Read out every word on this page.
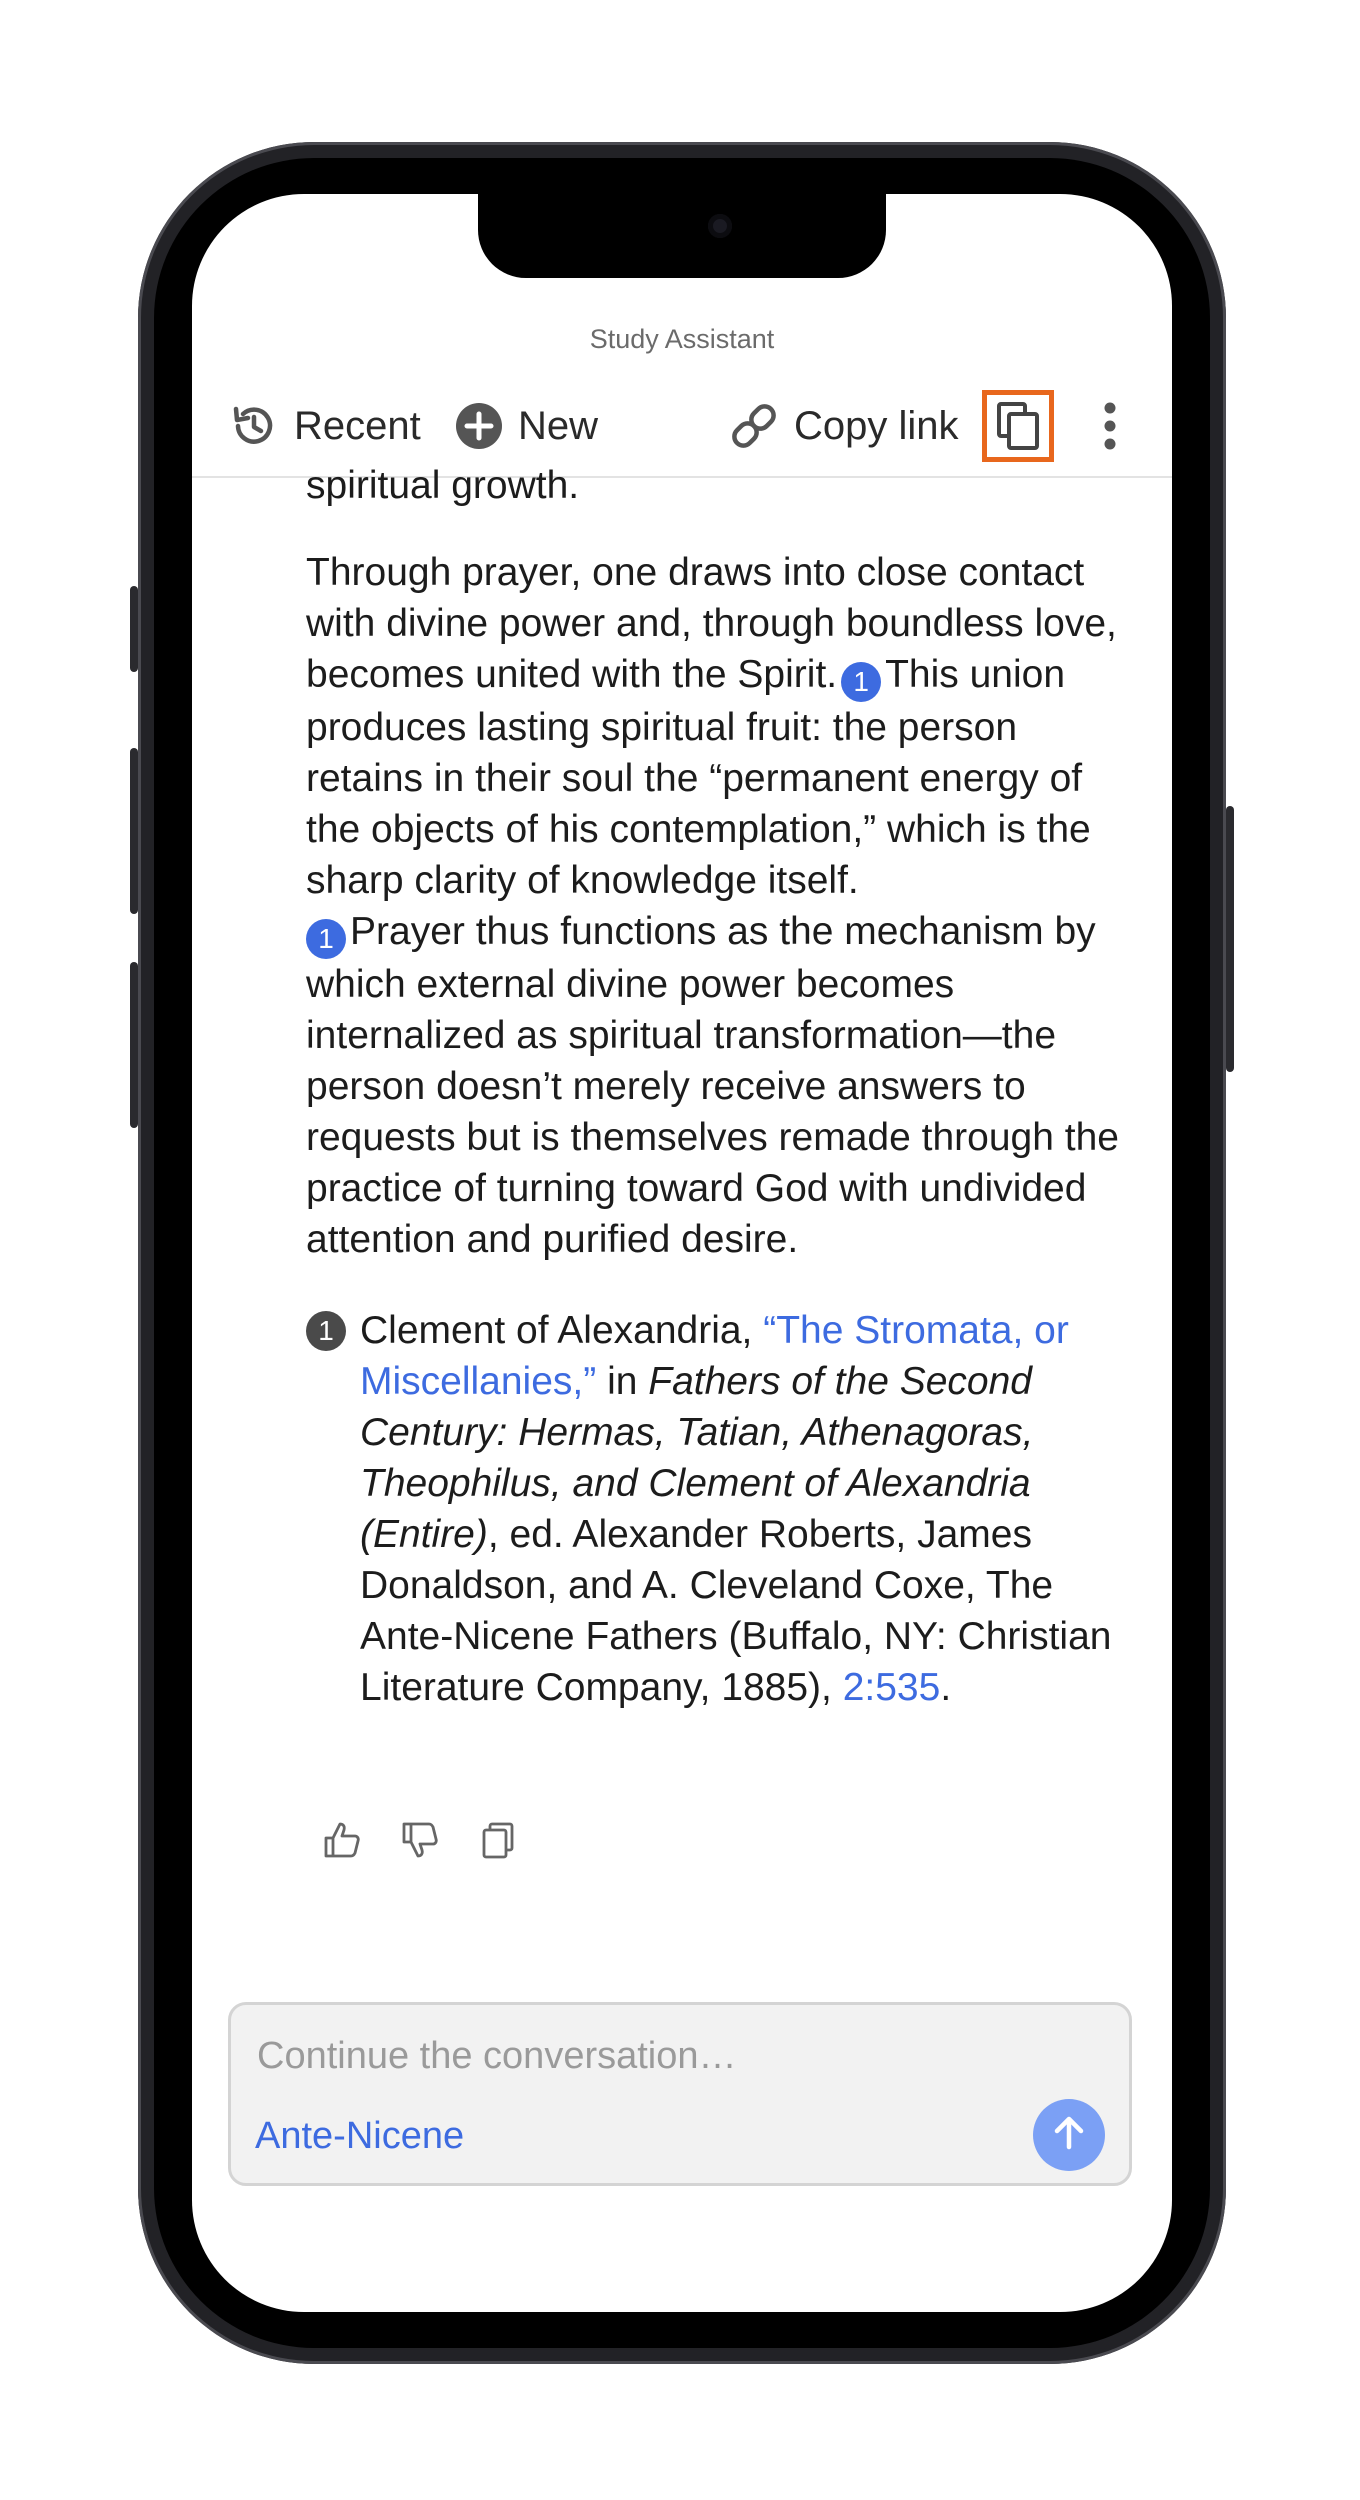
Study Assistant
Recent New	Copy link

spiritual growth.

Through prayer, one draws into close contact with divine power and, through boundless love, becomes united with the Spirit. 1 This union produces lasting spiritual fruit: the person retains in their soul the “permanent energy of the objects of his contemplation,” which is the sharp clarity of knowledge itself.
1 Prayer thus functions as the mechanism by which external divine power becomes internalized as spiritual transformation—the person doesn’t merely receive answers to requests but is themselves remade through the practice of turning toward God with undivided attention and purified desire.

1 Clement of Alexandria, “The Stromata, or Miscellanies,” in Fathers of the Second Century: Hermas, Tatian, Athenagoras, Theophilus, and Clement of Alexandria (Entire), ed. Alexander Roberts, James Donaldson, and A. Cleveland Coxe, The Ante-Nicene Fathers (Buffalo, NY: Christian Literature Company, 1885), 2:535.
Continue the conversation…
Ante-Nicene
